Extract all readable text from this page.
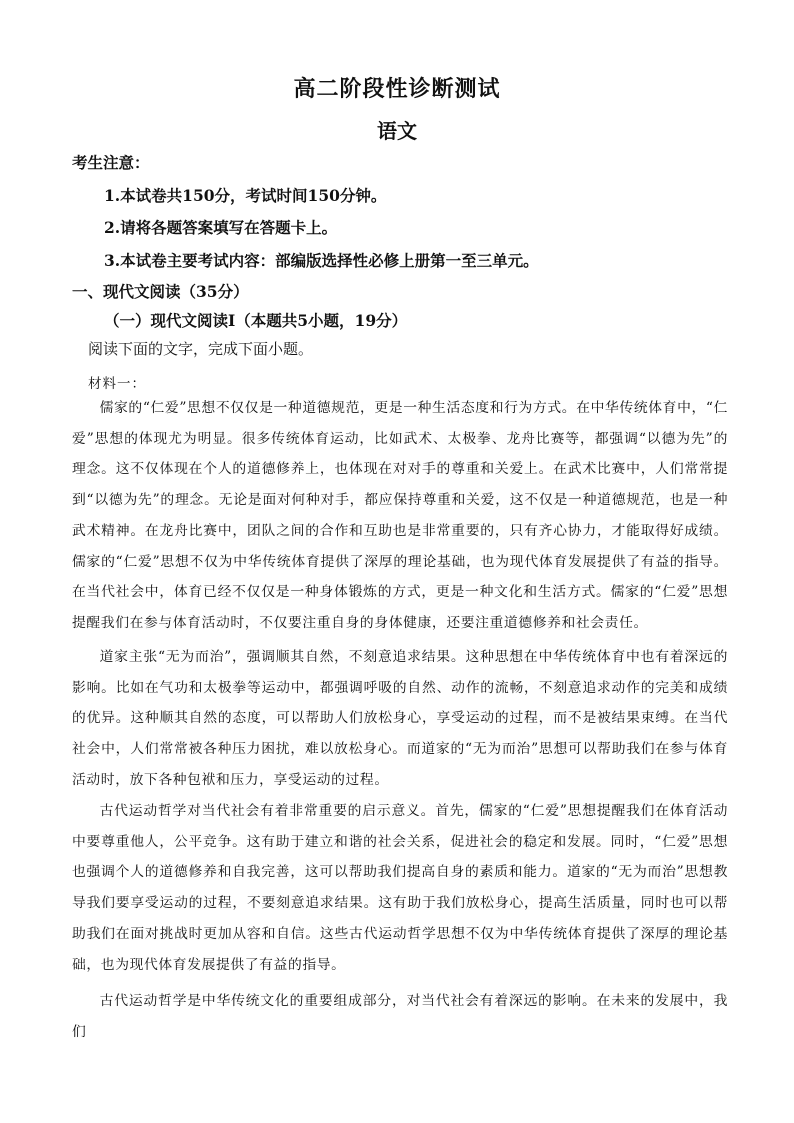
高二阶段性诊断测试
语文
考生注意：
1.本试卷共150分，考试时间150分钟。
2.请将各题答案填写在答题卡上。
3.本试卷主要考试内容：部编版选择性必修上册第一至三单元。
一、现代文阅读（35分）
（一）现代文阅读Ⅰ（本题共5小题，19分）
阅读下面的文字，完成下面小题。
材料一：

儒家的“仁爱”思想不仅仅是一种道德规范，更是一种生活态度和行为方式。在中华传统体育中，“仁爱”思想的体现尤为明显。很多传统体育运动，比如武术、太极拳、龙舟比赛等，都强调“以德为先”的理念。这不仅体现在个人的道德修养上，也体现在对对手的尊重和关爱上。在武术比赛中，人们常常提到“以德为先”的理念。无论是面对何种对手，都应保持尊重和关爱，这不仅是一种道德规范，也是一种武术精神。在龙舟比赛中，团队之间的合作和互助也是非常重要的，只有齐心协力，才能取得好成绩。儒家的“仁爱”思想不仅为中华传统体育提供了深厚的理论基础，也为现代体育发展提供了有益的指导。在当代社会中，体育已经不仅仅是一种身体锻炼的方式，更是一种文化和生活方式。儒家的“仁爱”思想提醒我们在参与体育活动时，不仅要注重自身的身体健康，还要注重道德修养和社会责任。

道家主张“无为而治”，强调顺其自然，不刻意追求结果。这种思想在中华传统体育中也有着深远的影响。比如在气功和太极拳等运动中，都强调呼吸的自然、动作的流畅，不刻意追求动作的完美和成绩的优异。这种顺其自然的态度，可以帮助人们放松身心，享受运动的过程，而不是被结果束缚。在当代社会中，人们常常被各种压力困扰，难以放松身心。而道家的“无为而治”思想可以帮助我们在参与体育活动时，放下各种包袱和压力，享受运动的过程。

古代运动哲学对当代社会有着非常重要的启示意义。首先，儒家的“仁爱”思想提醒我们在体育活动中要尊重他人，公平竞争。这有助于建立和谐的社会关系，促进社会的稳定和发展。同时，“仁爱”思想也强调个人的道德修养和自我完善，这可以帮助我们提高自身的素质和能力。道家的“无为而治”思想教导我们要享受运动的过程，不要刻意追求结果。这有助于我们放松身心，提高生活质量，同时也可以帮助我们在面对挑战时更加从容和自信。这些古代运动哲学思想不仅为中华传统体育提供了深厚的理论基础，也为现代体育发展提供了有益的指导。

古代运动哲学是中华传统文化的重要组成部分，对当代社会有着深远的影响。在未来的发展中，我们
